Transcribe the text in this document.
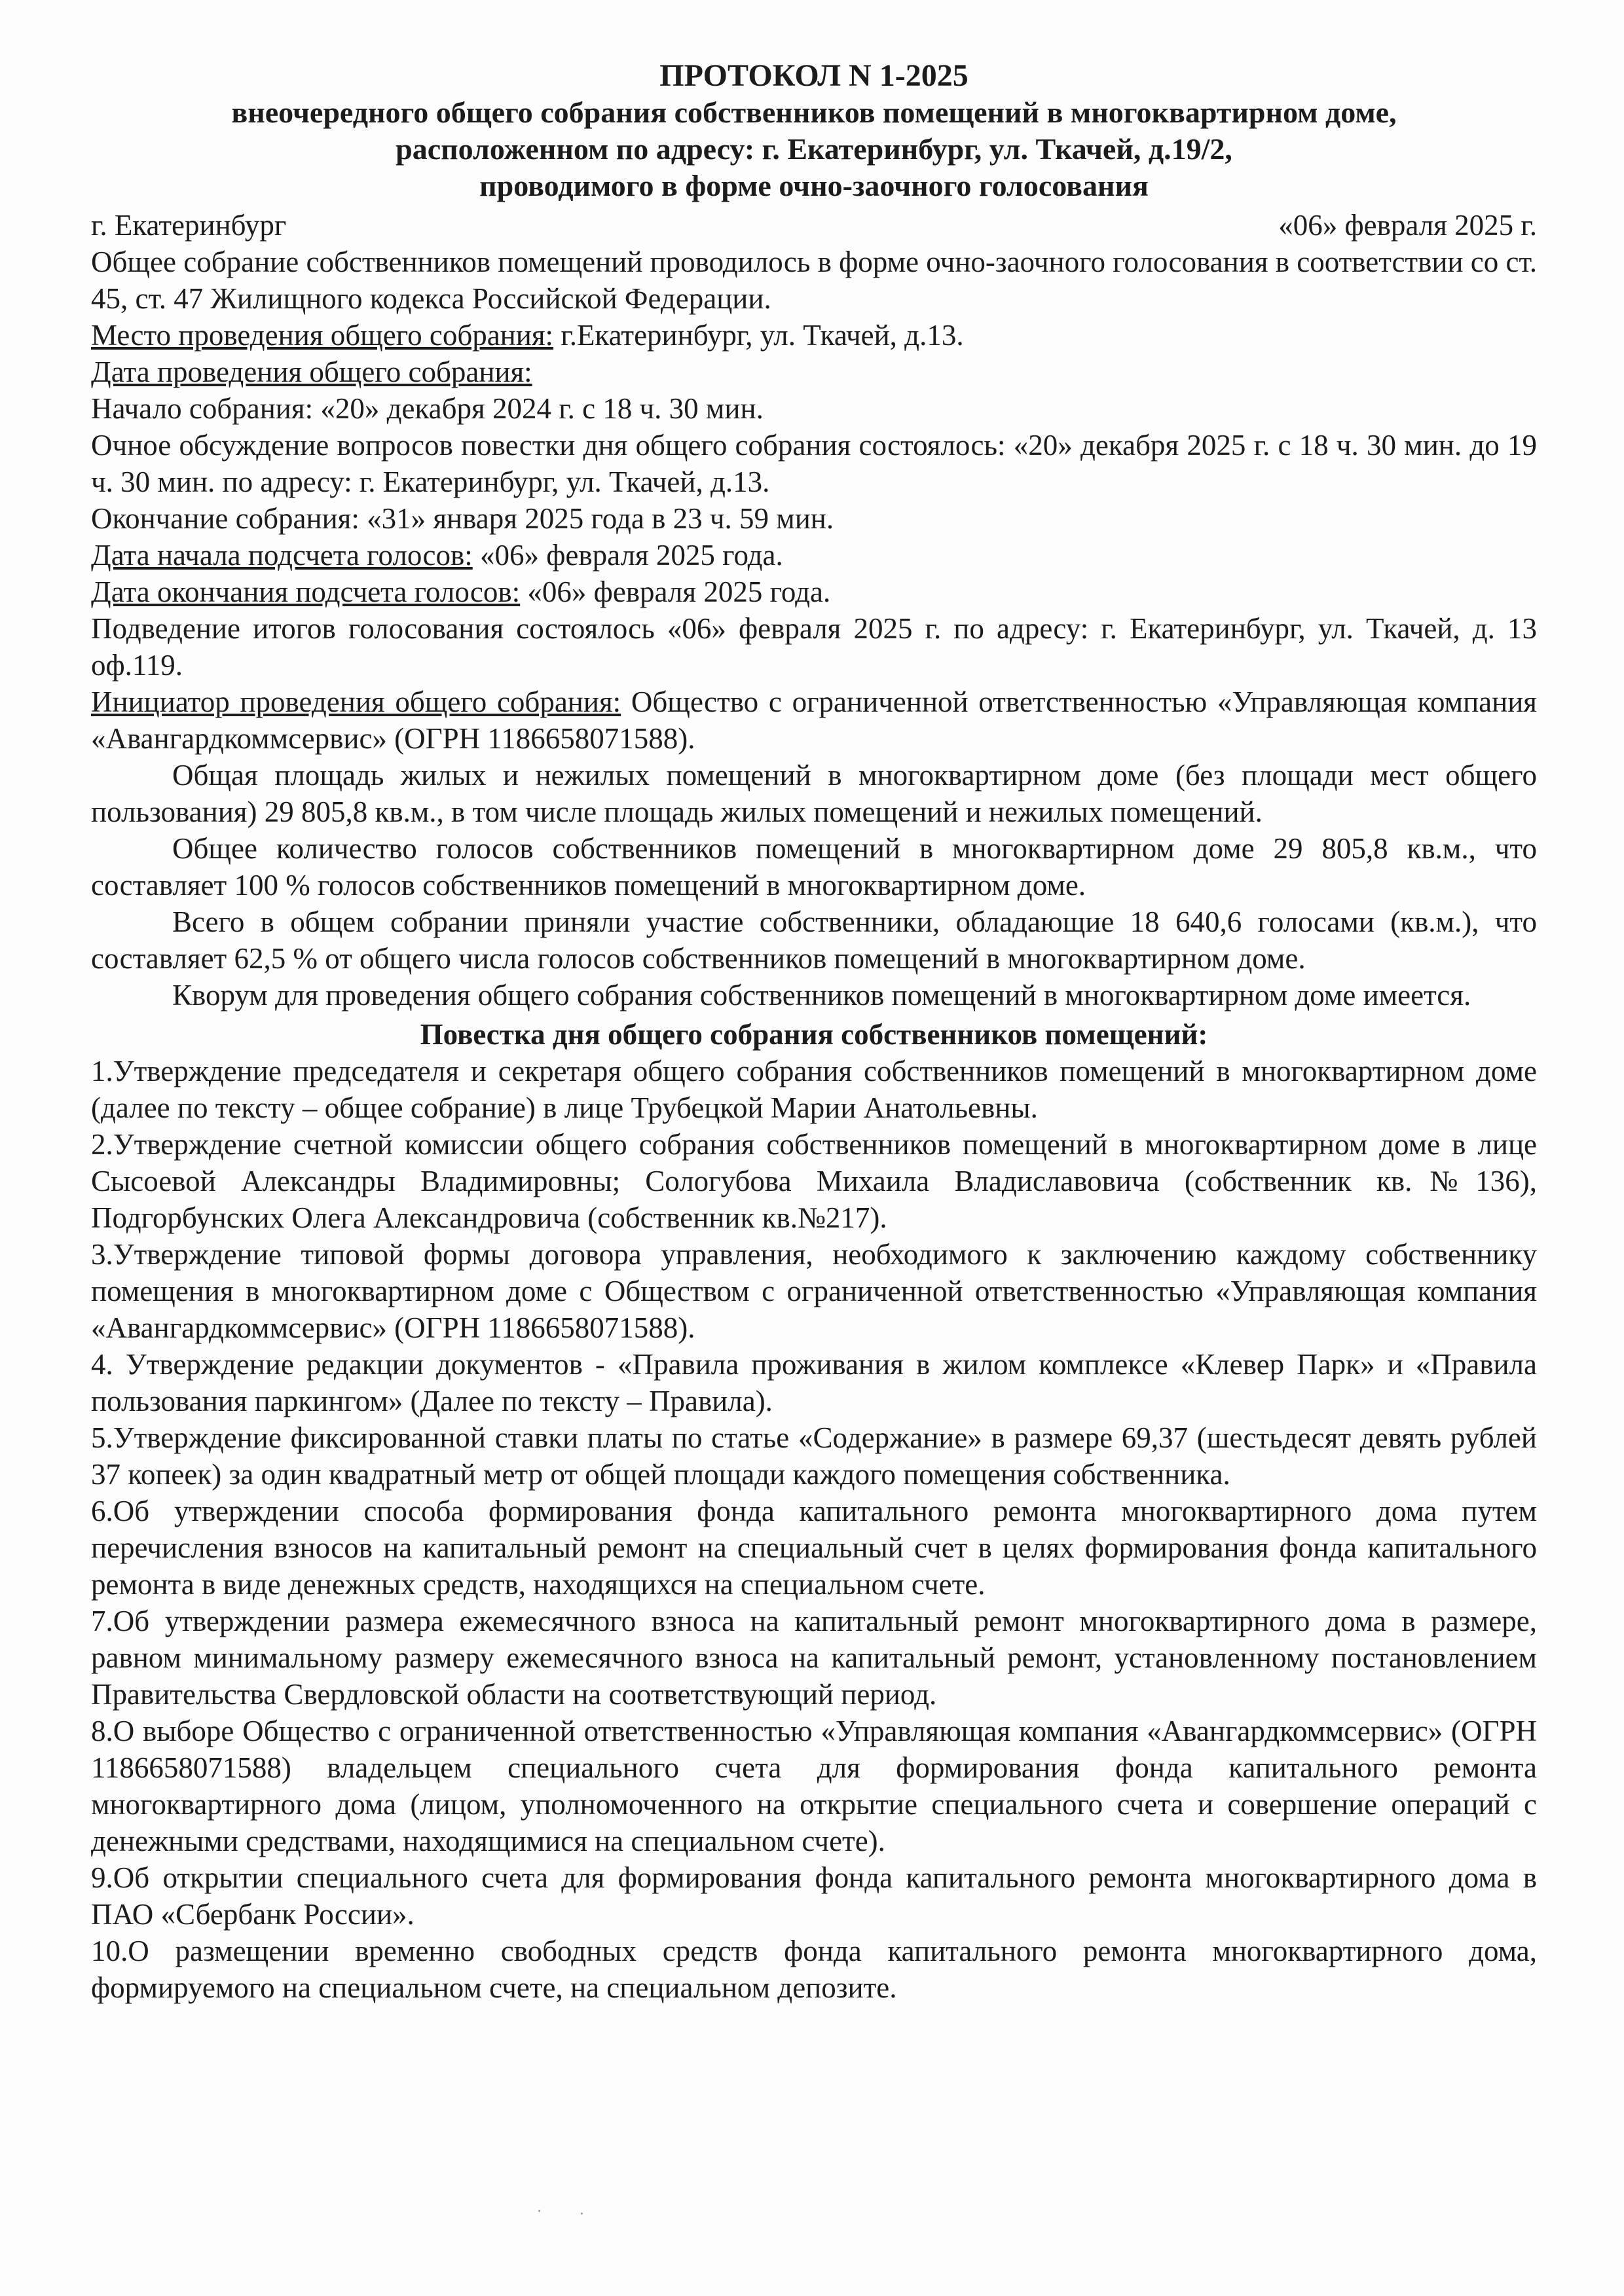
ПРОТОКОЛ N 1-2025
внеочередного общего собрания собственников помещений в многоквартирном доме,
расположенном по адресу: г. Екатеринбург, ул. Ткачей, д.19/2,
проводимого в форме очно-заочного голосования
г. Екатеринбург	«06» февраля 2025 г.

Общее собрание собственников помещений проводилось в форме очно-заочного голосования в соответствии со ст. 45, ст. 47 Жилищного кодекса Российской Федерации.

Место проведения общего собрания: г.Екатеринбург, ул. Ткачей, д.13.

Дата проведения общего собрания:

Начало собрания: «20» декабря 2024 г. с 18 ч. 30 мин.

Очное обсуждение вопросов повестки дня общего собрания состоялось: «20» декабря 2025 г. с 18 ч. 30 мин. до 19 ч. 30 мин. по адресу: г. Екатеринбург, ул. Ткачей, д.13.

Окончание собрания: «31» января 2025 года в 23 ч. 59 мин.

Дата начала подсчета голосов: «06» февраля 2025 года.

Дата окончания подсчета голосов: «06» февраля 2025 года.

Подведение итогов голосования состоялось «06» февраля 2025 г. по адресу: г. Екатеринбург, ул. Ткачей, д. 13 оф.119.

Инициатор проведения общего собрания: Общество с ограниченной ответственностью «Управляющая компания «Авангардкоммсервис» (ОГРН 1186658071588).

Общая площадь жилых и нежилых помещений в многоквартирном доме (без площади мест общего пользования) 29 805,8 кв.м., в том числе площадь жилых помещений и нежилых помещений.

Общее количество голосов собственников помещений в многоквартирном доме 29 805,8 кв.м., что составляет 100 % голосов собственников помещений в многоквартирном доме.

Всего в общем собрании приняли участие собственники, обладающие 18 640,6 голосами (кв.м.), что составляет 62,5 % от общего числа голосов собственников помещений в многоквартирном доме.

Кворум для проведения общего собрания собственников помещений в многоквартирном доме имеется.

Повестка дня общего собрания собственников помещений:

1.Утверждение председателя и секретаря общего собрания собственников помещений в многоквартирном доме (далее по тексту – общее собрание) в лице Трубецкой Марии Анатольевны.

2.Утверждение счетной комиссии общего собрания собственников помещений в многоквартирном доме в лице Сысоевой Александры Владимировны; Сологубова Михаила Владиславовича (собственник кв.№136), Подгорбунских Олега Александровича (собственник кв.№217).

3.Утверждение типовой формы договора управления, необходимого к заключению каждому собственнику помещения в многоквартирном доме с Обществом с ограниченной ответственностью «Управляющая компания «Авангардкоммсервис» (ОГРН 1186658071588).

4. Утверждение редакции документов - «Правила проживания в жилом комплексе «Клевер Парк» и «Правила пользования паркингом» (Далее по тексту – Правила).

5.Утверждение фиксированной ставки платы по статье «Содержание» в размере 69,37 (шестьдесят девять рублей 37 копеек) за один квадратный метр от общей площади каждого помещения собственника.

6.Об утверждении способа формирования фонда капитального ремонта многоквартирного дома путем перечисления взносов на капитальный ремонт на специальный счет в целях формирования фонда капитального ремонта в виде денежных средств, находящихся на специальном счете.

7.Об утверждении размера ежемесячного взноса на капитальный ремонт многоквартирного дома в размере, равном минимальному размеру ежемесячного взноса на капитальный ремонт, установленному постановлением Правительства Свердловской области на соответствующий период.

8.О выборе Общество с ограниченной ответственностью «Управляющая компания «Авангардкоммсервис» (ОГРН 1186658071588) владельцем специального счета для формирования фонда капитального ремонта многоквартирного дома (лицом, уполномоченного на открытие специального счета и совершение операций с денежными средствами, находящимися на специальном счете).

9.Об открытии специального счета для формирования фонда капитального ремонта многоквартирного дома в ПАО «Сбербанк России».

10.О размещении временно свободных средств фонда капитального ремонта многоквартирного дома, формируемого на специальном счете, на специальном депозите.

·	·
